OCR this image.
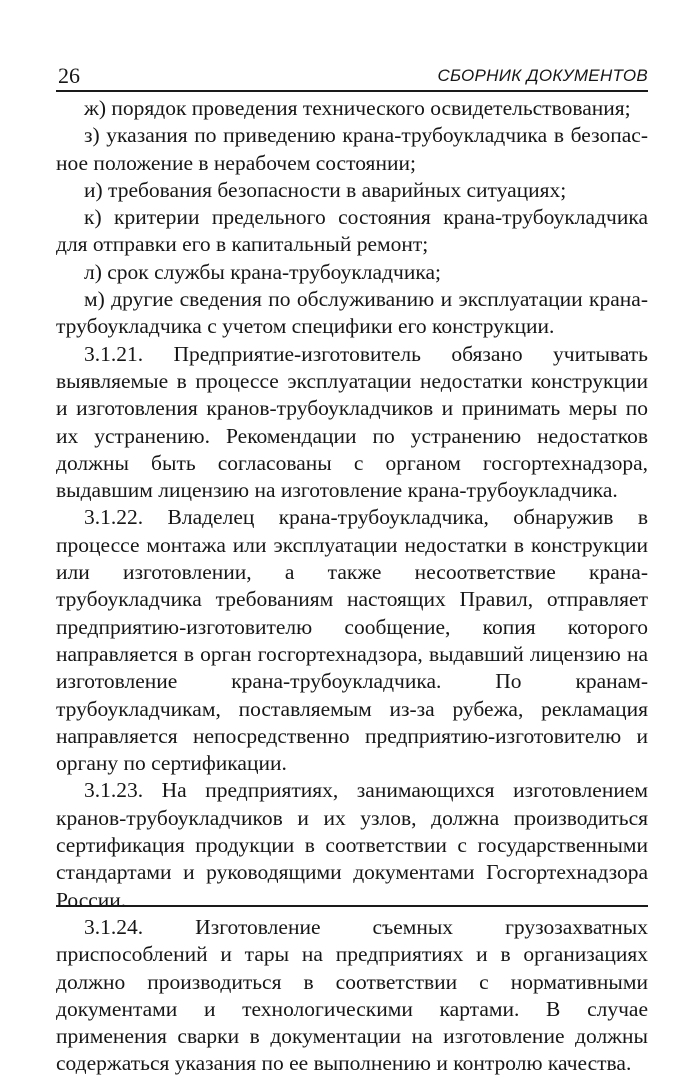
26	СБОРНИК ДОКУМЕНТОВ

ж) порядок проведения технического освидетельствования;

з) указания по приведению крана-трубоукладчика в безопасное положение в нерабочем состоянии;

и) требования безопасности в аварийных ситуациях;

к) критерии предельного состояния крана-трубоукладчика для отправки его в капитальный ремонт;

л) срок службы крана-трубоукладчика;

м) другие сведения по обслуживанию и эксплуатации крана-трубоукладчика с учетом специфики его конструкции.

3.1.21. Предприятие-изготовитель обязано учитывать выявляемые в процессе эксплуатации недостатки конструкции и изготовления кранов-трубоукладчиков и принимать меры по их устранению. Рекомендации по устранению недостатков должны быть согласованы с органом госгортехнадзора, выдавшим лицензию на изготовление крана-трубоукладчика.

3.1.22. Владелец крана-трубоукладчика, обнаружив в процессе монтажа или эксплуатации недостатки в конструкции или изготовлении, а также несоответствие крана-трубоукладчика требованиям настоящих Правил, отправляет предприятию-изготовителю сообщение, копия которого направляется в орган госгортехнадзора, выдавший лицензию на изготовление крана-трубоукладчика. По кранам-трубоукладчикам, поставляемым из-за рубежа, рекламация направляется непосредственно предприятию-изготовителю и органу по сертификации.

3.1.23. На предприятиях, занимающихся изготовлением кранов-трубоукладчиков и их узлов, должна производиться сертификация продукции в соответствии с государственными стандартами и руководящими документами Госгортехнадзора России.

3.1.24. Изготовление съемных грузозахватных приспособлений и тары на предприятиях и в организациях должно производиться в соответствии с нормативными документами и технологическими картами. В случае применения сварки в документации на изготовление должны содержаться указания по ее выполнению и контролю качества.
